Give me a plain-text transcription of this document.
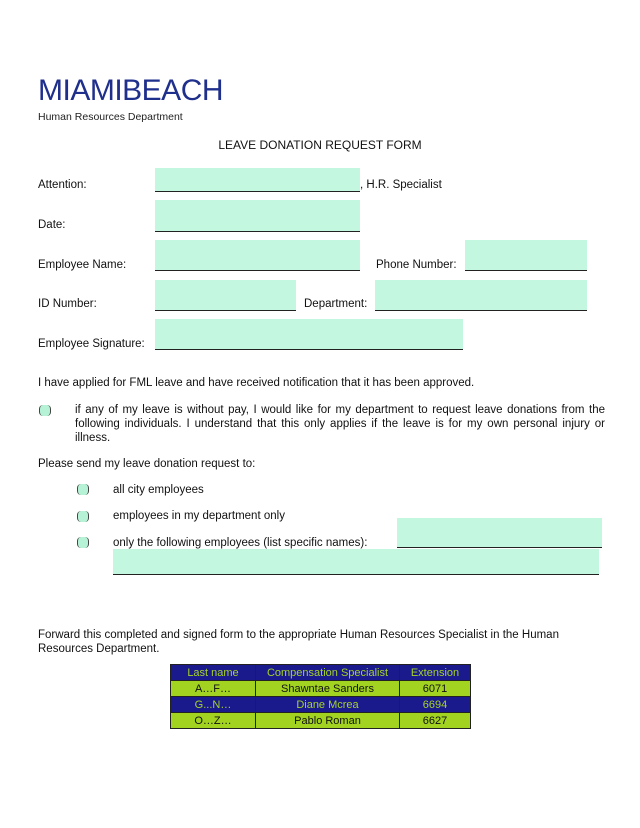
MIAMIBEACH
Human Resources Department
LEAVE DONATION REQUEST FORM
Attention:	, H.R. Specialist
Date:
Employee Name:	Phone Number:
ID Number:	Department:
Employee Signature:
I have applied for FML leave and have received notification that it has been approved.
if any of my leave is without pay, I would like for my department to request leave donations from the following individuals. I understand that this only applies if the leave is for my own personal injury or illness.
Please send my leave donation request to:
all city employees
employees in my department only
only the following employees (list specific names):
Forward this completed and signed form to the appropriate Human Resources Specialist in the Human Resources Department.
Last name	Compensation Specialist	Extension
A…F…	Shawntae Sanders	6071
G...N…	Diane Mcrea	6694
O…Z…	Pablo Roman	6627
